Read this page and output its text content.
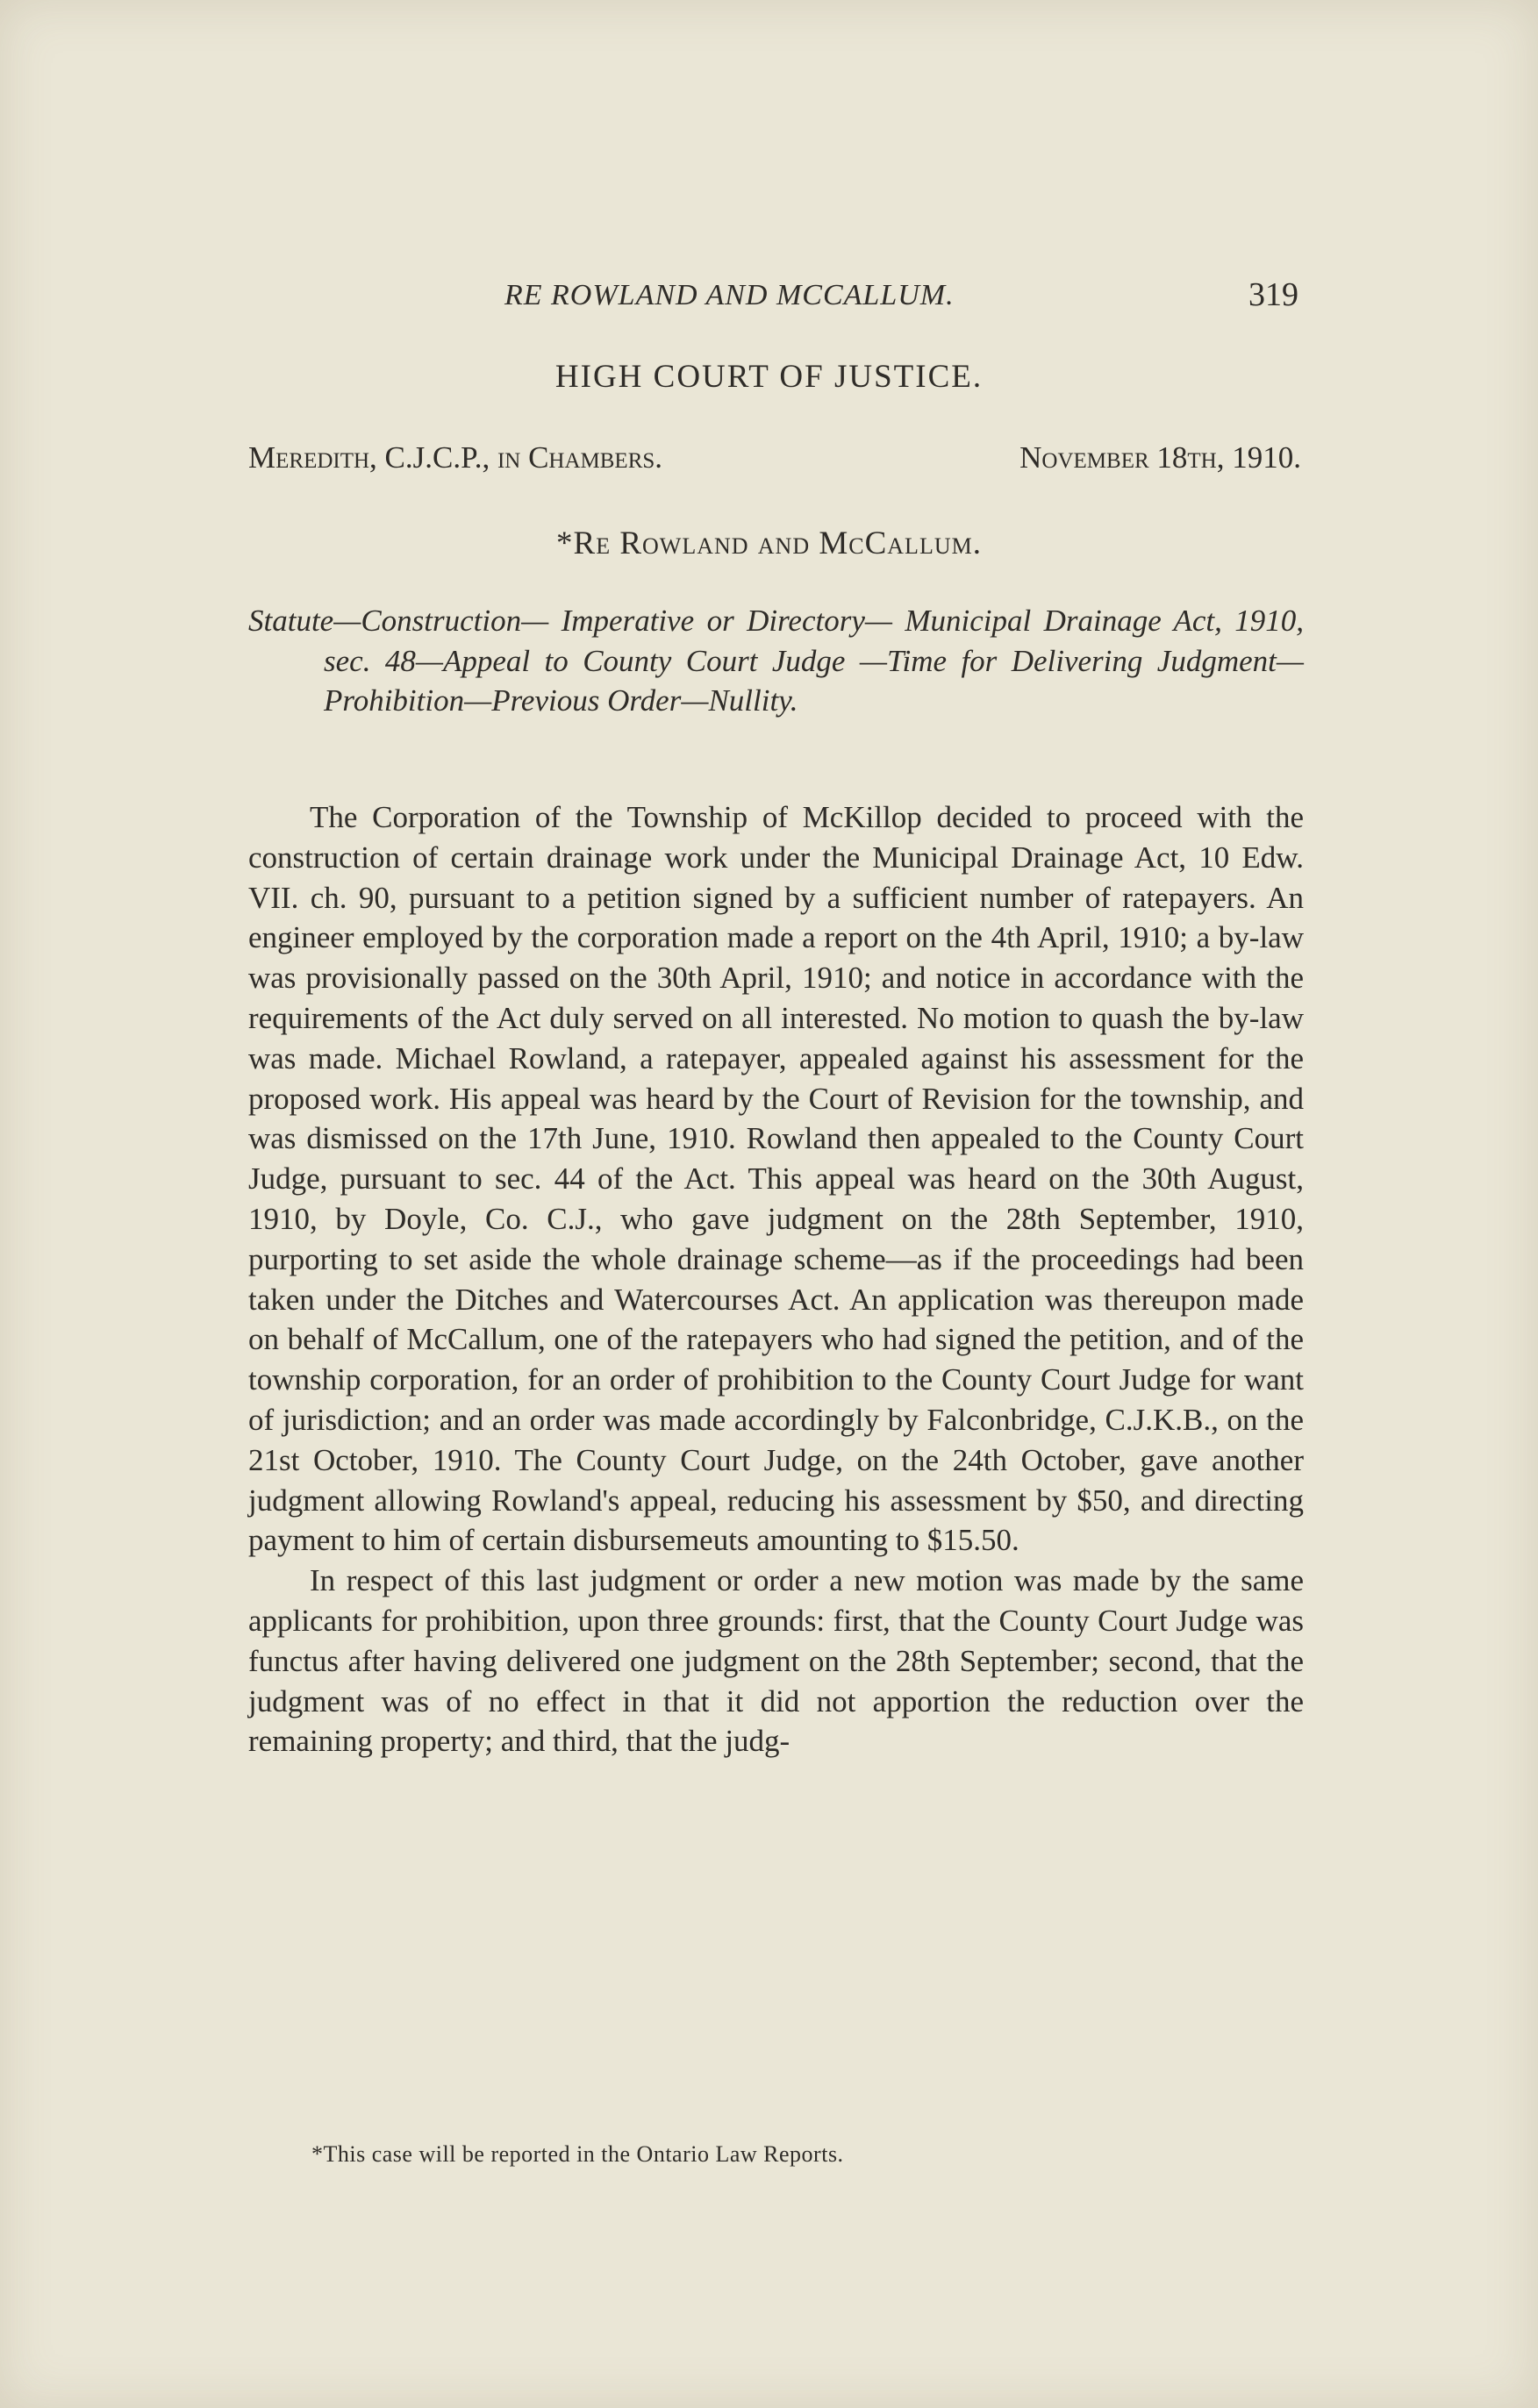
RE ROWLAND AND MCCALLUM.	319
HIGH COURT OF JUSTICE.
Meredith, C.J.C.P., in Chambers.	November 18th, 1910.
*Re Rowland and McCallum.
Statute—Construction— Imperative or Directory— Municipal Drainage Act, 1910, sec. 48—Appeal to County Court Judge —Time for Delivering Judgment—Prohibition—Previous Order—Nullity.

The Corporation of the Township of McKillop decided to proceed with the construction of certain drainage work under the Municipal Drainage Act, 10 Edw. VII. ch. 90, pursuant to a petition signed by a sufficient number of ratepayers. An engineer employed by the corporation made a report on the 4th April, 1910; a by-law was provisionally passed on the 30th April, 1910; and notice in accordance with the requirements of the Act duly served on all interested. No motion to quash the by-law was made. Michael Rowland, a ratepayer, appealed against his assessment for the proposed work. His appeal was heard by the Court of Revision for the township, and was dismissed on the 17th June, 1910. Rowland then appealed to the County Court Judge, pursuant to sec. 44 of the Act. This appeal was heard on the 30th August, 1910, by Doyle, Co. C.J., who gave judgment on the 28th September, 1910, purporting to set aside the whole drainage scheme—as if the proceedings had been taken under the Ditches and Watercourses Act. An application was thereupon made on behalf of McCallum, one of the ratepayers who had signed the petition, and of the township corporation, for an order of prohibition to the County Court Judge for want of jurisdiction; and an order was made accordingly by Falconbridge, C.J.K.B., on the 21st October, 1910. The County Court Judge, on the 24th October, gave another judgment allowing Rowland's appeal, reducing his assessment by $50, and directing payment to him of certain disbursemeuts amounting to $15.50.

In respect of this last judgment or order a new motion was made by the same applicants for prohibition, upon three grounds: first, that the County Court Judge was functus after having delivered one judgment on the 28th September; second, that the judgment was of no effect in that it did not apportion the reduction over the remaining property; and third, that the judg-

*This case will be reported in the Ontario Law Reports.
